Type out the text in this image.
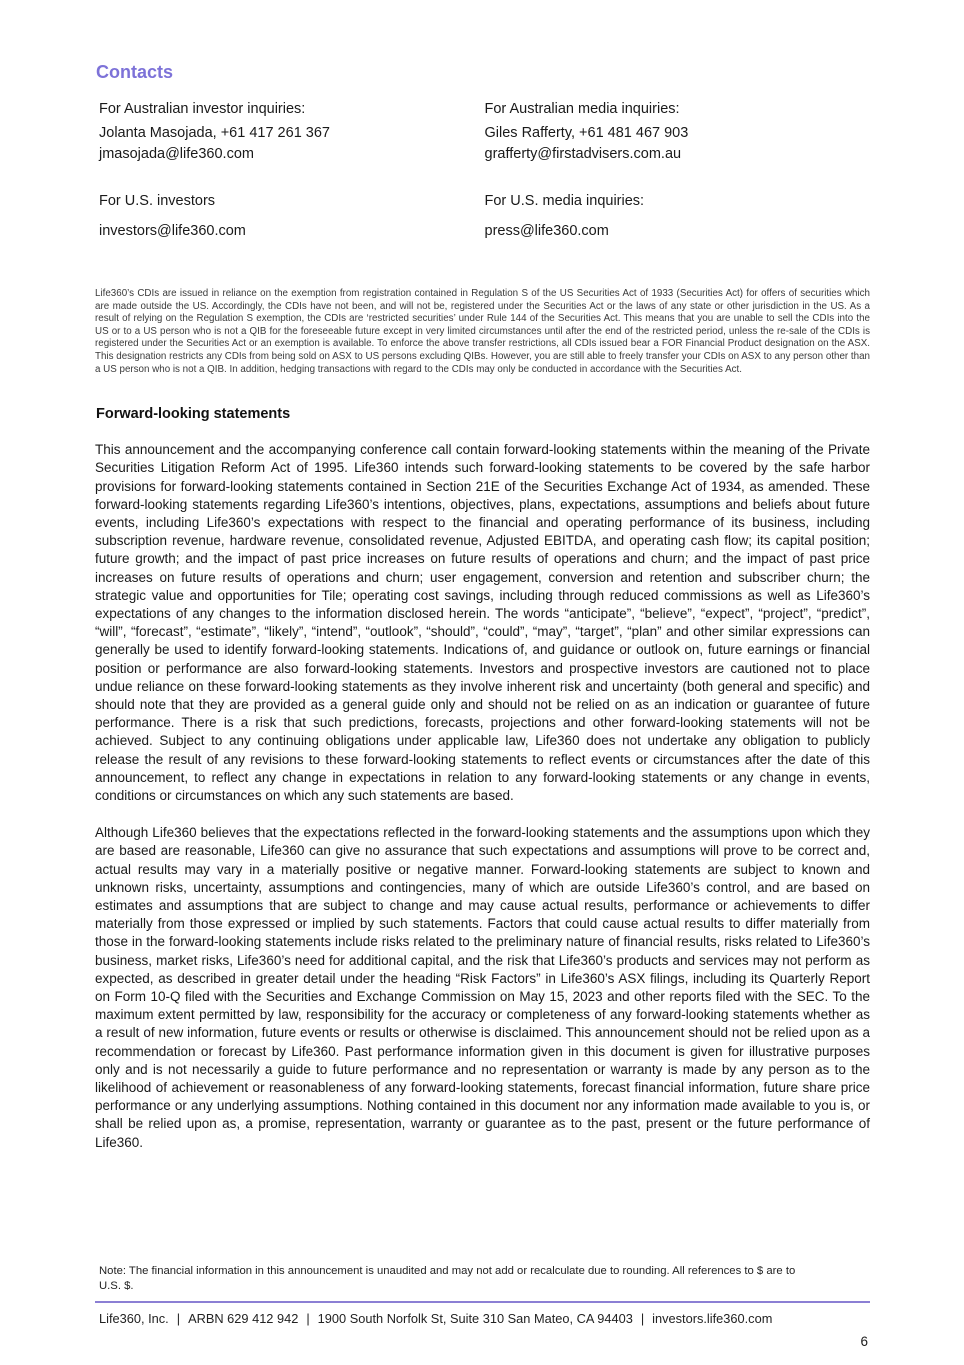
Contacts
For Australian investor inquiries:
Jolanta Masojada, +61 417 261 367
jmasojada@life360.com
For U.S. investors
investors@life360.com
For Australian media inquiries:
Giles Rafferty, +61 481 467 903
grafferty@firstadvisers.com.au
For U.S. media inquiries:
press@life360.com

Life360’s CDIs are issued in reliance on the exemption from registration contained in Regulation S of the US Securities Act of 1933 (Securities Act) for offers of securities which are made outside the US. Accordingly, the CDIs have not been, and will not be, registered under the Securities Act or the laws of any state or other jurisdiction in the US. As a result of relying on the Regulation S exemption, the CDIs are ‘restricted securities’ under Rule 144 of the Securities Act. This means that you are unable to sell the CDIs into the US or to a US person who is not a QIB for the foreseeable future except in very limited circumstances until after the end of the restricted period, unless the re-sale of the CDIs is registered under the Securities Act or an exemption is available. To enforce the above transfer restrictions, all CDIs issued bear a FOR Financial Product designation on the ASX. This designation restricts any CDIs from being sold on ASX to US persons excluding QIBs. However, you are still able to freely transfer your CDIs on ASX to any person other than a US person who is not a QIB. In addition, hedging transactions with regard to the CDIs may only be conducted in accordance with the Securities Act.

Forward-looking statements

This announcement and the accompanying conference call contain forward-looking statements within the meaning of the Private Securities Litigation Reform Act of 1995. Life360 intends such forward-looking statements to be covered by the safe harbor provisions for forward-looking statements contained in Section 21E of the Securities Exchange Act of 1934, as amended. These forward-looking statements regarding Life360’s intentions, objectives, plans, expectations, assumptions and beliefs about future events, including Life360’s expectations with respect to the financial and operating performance of its business, including subscription revenue, hardware revenue, consolidated revenue, Adjusted EBITDA, and operating cash flow; its capital position; future growth; and the impact of past price increases on future results of operations and churn; and the impact of past price increases on future results of operations and churn; user engagement, conversion and retention and subscriber churn; the strategic value and opportunities for Tile; operating cost savings, including through reduced commissions as well as Life360’s expectations of any changes to the information disclosed herein. The words “anticipate”, “believe”, “expect”, “project”, “predict”, “will”, “forecast”, “estimate”, “likely”, “intend”, “outlook”, “should”, “could”, “may”, “target”, “plan” and other similar expressions can generally be used to identify forward-looking statements. Indications of, and guidance or outlook on, future earnings or financial position or performance are also forward-looking statements. Investors and prospective investors are cautioned not to place undue reliance on these forward-looking statements as they involve inherent risk and uncertainty (both general and specific) and should note that they are provided as a general guide only and should not be relied on as an indication or guarantee of future performance. There is a risk that such predictions, forecasts, projections and other forward-looking statements will not be achieved. Subject to any continuing obligations under applicable law, Life360 does not undertake any obligation to publicly release the result of any revisions to these forward-looking statements to reflect events or circumstances after the date of this announcement, to reflect any change in expectations in relation to any forward-looking statements or any change in events, conditions or circumstances on which any such statements are based.

Although Life360 believes that the expectations reflected in the forward-looking statements and the assumptions upon which they are based are reasonable, Life360 can give no assurance that such expectations and assumptions will prove to be correct and, actual results may vary in a materially positive or negative manner. Forward-looking statements are subject to known and unknown risks, uncertainty, assumptions and contingencies, many of which are outside Life360’s control, and are based on estimates and assumptions that are subject to change and may cause actual results, performance or achievements to differ materially from those expressed or implied by such statements. Factors that could cause actual results to differ materially from those in the forward-looking statements include risks related to the preliminary nature of financial results, risks related to Life360’s business, market risks, Life360’s need for additional capital, and the risk that Life360’s products and services may not perform as expected, as described in greater detail under the heading “Risk Factors” in Life360’s ASX filings, including its Quarterly Report on Form 10-Q filed with the Securities and Exchange Commission on May 15, 2023 and other reports filed with the SEC. To the maximum extent permitted by law, responsibility for the accuracy or completeness of any forward-looking statements whether as a result of new information, future events or results or otherwise is disclaimed. This announcement should not be relied upon as a recommendation or forecast by Life360. Past performance information given in this document is given for illustrative purposes only and is not necessarily a guide to future performance and no representation or warranty is made by any person as to the likelihood of achievement or reasonableness of any forward-looking statements, forecast financial information, future share price performance or any underlying assumptions. Nothing contained in this document nor any information made available to you is, or shall be relied upon as, a promise, representation, warranty or guarantee as to the past, present or the future performance of Life360.

Note: The financial information in this announcement is unaudited and may not add or recalculate due to rounding. All references to $ are to U.S. $.

Life360, Inc. | ARBN 629 412 942 | 1900 South Norfolk St, Suite 310 San Mateo, CA 94403 | investors.life360.com
6
